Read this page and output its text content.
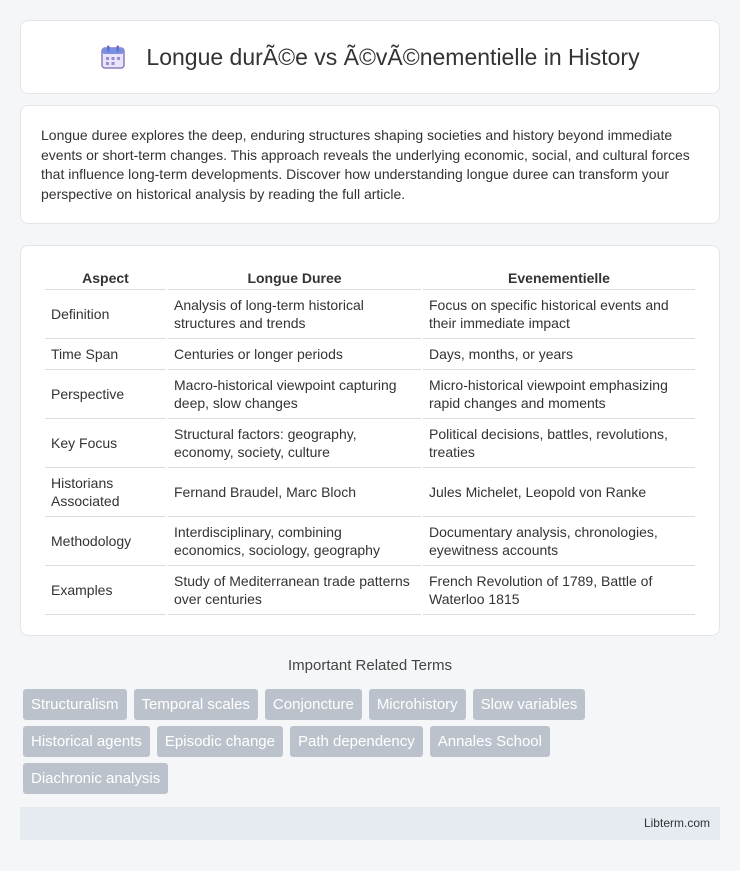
Longue durÃ©e vs Ã©vÃ©nementielle in History

Longue duree explores the deep, enduring structures shaping societies and history beyond immediate events or short-term changes. This approach reveals the underlying economic, social, and cultural forces that influence long-term developments. Discover how understanding longue duree can transform your perspective on historical analysis by reading the full article.

Aspect	Longue Duree	Evenementielle
Definition	Analysis of long-term historical structures and trends	Focus on specific historical events and their immediate impact
Time Span	Centuries or longer periods	Days, months, or years
Perspective	Macro-historical viewpoint capturing deep, slow changes	Micro-historical viewpoint emphasizing rapid changes and moments
Key Focus	Structural factors: geography, economy, society, culture	Political decisions, battles, revolutions, treaties
Historians Associated	Fernand Braudel, Marc Bloch	Jules Michelet, Leopold von Ranke
Methodology	Interdisciplinary, combining economics, sociology, geography	Documentary analysis, chronologies, eyewitness accounts
Examples	Study of Mediterranean trade patterns over centuries	French Revolution of 1789, Battle of Waterloo 1815
Important Related Terms
Structuralism	Temporal scales	Conjoncture	Microhistory	Slow variables
Historical agents	Episodic change	Path dependency	Annales School
Diachronic analysis
Libterm.com
